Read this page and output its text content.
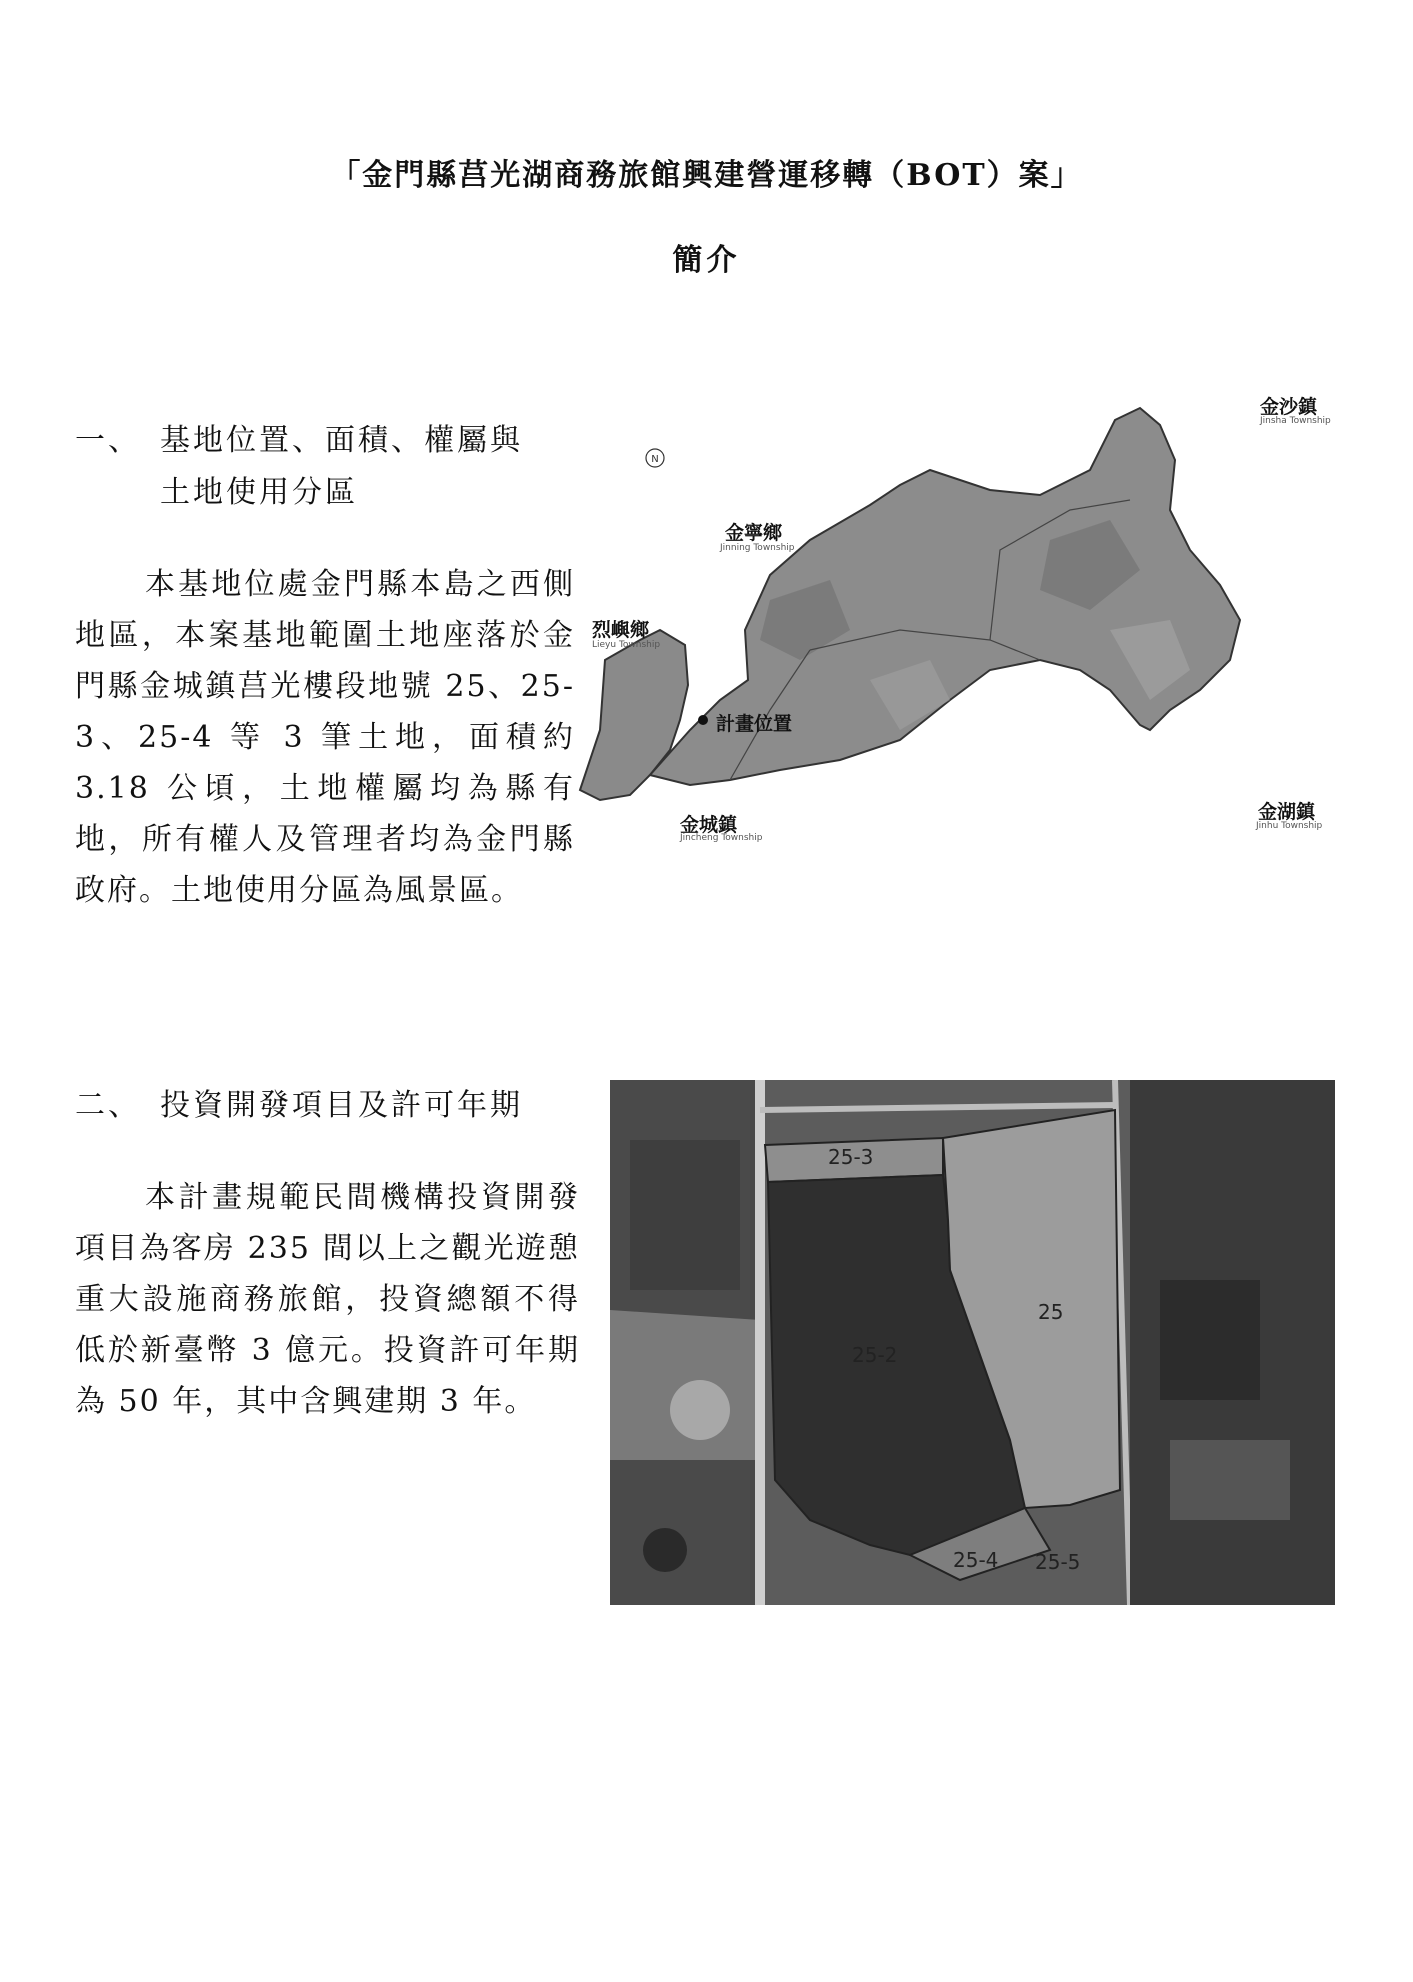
「金門縣莒光湖商務旅館興建營運移轉（BOT）案」
簡介
一、 基地位置、面積、權屬與
土地使用分區
本基地位處金門縣本島之西側地區，本案基地範圍土地座落於金門縣金城鎮莒光樓段地號 25、25-3、25-4 等 3 筆土地，面積約 3.18 公頃，土地權屬均為縣有地，所有權人及管理者均為金門縣政府。土地使用分區為風景區。
N
金沙鎮
Jinsha Township
金寧鄉
Jinning Township
烈嶼鄉
Lieyu Township
金城鎮
Jincheng Township
金湖鎮
Jinhu Township
計畫位置
二、 投資開發項目及許可年期
本計畫規範民間機構投資開發項目為客房 235 間以上之觀光遊憩重大設施商務旅館，投資總額不得低於新臺幣 3 億元。投資許可年期為 50 年，其中含興建期 3 年。
25-3
25
25-2
25-4 25-5
